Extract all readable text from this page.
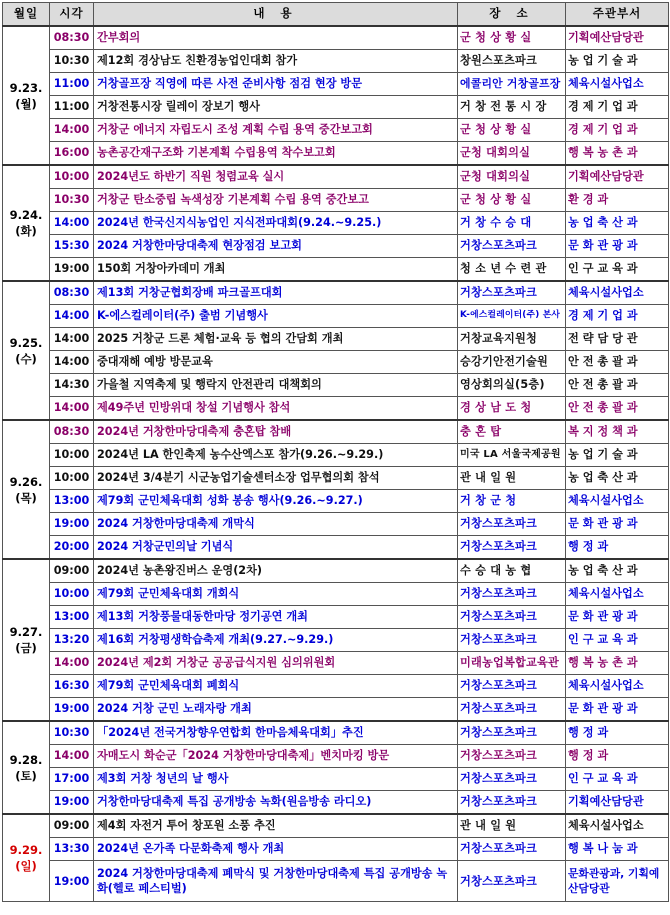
월일	시각	내 용	장 소	주관부서

9.23.
(월)	08:30	간부회의	군 청 상 황 실	기획예산담당관
	10:30	제12회 경상남도 친환경농업인대회 참가	창원스포츠파크	농 업 기 술 과
	11:00	거창골프장 직영에 따른 사전 준비사항 점검 현장 방문	에콜리안 거창골프장	체육시설사업소
	11:00	거창전통시장 릴레이 장보기 행사	거 창 전 통 시 장	경 제 기 업 과
	14:00	거창군 에너지 자립도시 조성 계획 수립 용역 중간보고회	군 청 상 황 실	경 제 기 업 과
	16:00	농촌공간재구조화 기본계획 수립용역 착수보고회	군청 대회의실	행 복 농 촌 과

9.24.
(화)	10:00	2024년도 하반기 직원 청렴교육 실시	군청 대회의실	기획예산담당관
	10:30	거창군 탄소중립 녹색성장 기본계획 수립 용역 중간보고	군 청 상 황 실	환 경 과
	14:00	2024년 한국신지식농업인 지식전파대회(9.24.~9.25.)	거 창 수 승 대	농 업 축 산 과
	15:30	2024 거창한마당대축제 현장점검 보고회	거창스포츠파크	문 화 관 광 과
	19:00	150회 거창아카데미 개최	청 소 년 수 련 관	인 구 교 육 과

9.25.
(수)	08:30	제13회 거창군협회장배 파크골프대회	거창스포츠파크	체육시설사업소
	14:00	K-에스컬레이터(주) 출범 기념행사	K-에스컬레이터(주) 본사	경 제 기 업 과
	14:00	2025 거창군 드론 체험·교육 등 협의 간담회 개최	거창교육지원청	전 략 담 당 관
	14:00	중대재해 예방 방문교육	승강기안전기술원	안 전 총 괄 과
	14:30	가을철 지역축제 및 행락지 안전관리 대책회의	영상회의실(5층)	안 전 총 괄 과
	14:00	제49주년 민방위대 창설 기념행사 참석	경 상 남 도 청	안 전 총 괄 과

9.26.
(목)	08:30	2024년 거창한마당대축제 충혼탑 참배	충 혼 탑	복 지 정 책 과
	10:00	2024년 LA 한인축제 농수산엑스포 참가(9.26.~9.29.)	미국 LA 서울국제공원	농 업 기 술 과
	10:00	2024년 3/4분기 시군농업기술센터소장 업무협의회 참석	관 내 일 원	농 업 축 산 과
	13:00	제79회 군민체육대회 성화 봉송 행사(9.26.~9.27.)	거 창 군 청	체육시설사업소
	19:00	2024 거창한마당대축제 개막식	거창스포츠파크	문 화 관 광 과
	20:00	2024 거창군민의날 기념식	거창스포츠파크	행 정 과

9.27.
(금)	09:00	2024년 농촌왕진버스 운영(2차)	수 승 대 농 협	농 업 축 산 과
	10:00	제79회 군민체육대회 개회식	거창스포츠파크	체육시설사업소
	13:00	제13회 거창풍물대동한마당 정기공연 개최	거창스포츠파크	문 화 관 광 과
	13:20	제16회 거창평생학습축제 개최(9.27.~9.29.)	거창스포츠파크	인 구 교 육 과
	14:00	2024년 제2회 거창군 공공급식지원 심의위원회	미래농업복합교육관	행 복 농 촌 과
	16:30	제79회 군민체육대회 폐회식	거창스포츠파크	체육시설사업소
	19:00	2024 거창 군민 노래자랑 개최	거창스포츠파크	문 화 관 광 과

9.28.
(토)	10:30	「2024년 전국거창향우연합회 한마음체육대회」추진	거창스포츠파크	행 정 과
	14:00	자매도시 화순군「2024 거창한마당대축제」벤치마킹 방문	거창스포츠파크	행 정 과
	17:00	제3회 거창 청년의 날 행사	거창스포츠파크	인 구 교 육 과
	19:00	거창한마당대축제 특집 공개방송 녹화(원음방송 라디오)	거창스포츠파크	기획예산담당관

9.29.
(일)	09:00	제4회 자전거 투어 창포원 소풍 추진	관 내 일 원	체육시설사업소
	13:30	2024년 온가족 다문화축제 행사 개최	거창스포츠파크	행 복 나 눔 과
	19:00	2024 거창한마당대축제 폐막식 및 거창한마당대축제 특집 공개방송 녹화(헬로 페스티벌)	거창스포츠파크	문화관광과, 기획예산담당관
